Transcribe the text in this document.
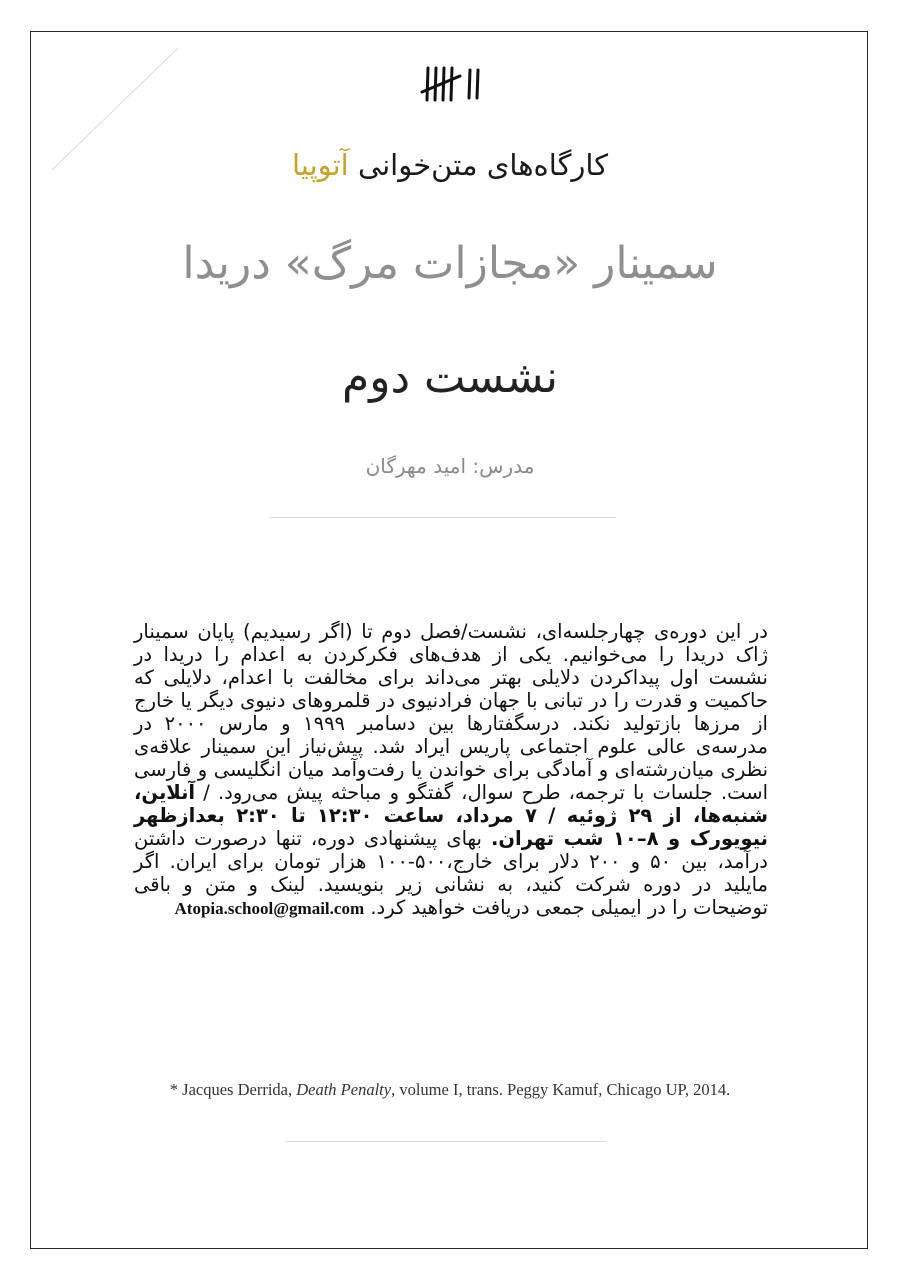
کارگاه‌های متن‌خوانی آتوپیا
سمینار «مجازات مرگ» دریدا
نشست دوم
مدرس: امید مهرگان
در این دوره‌ی چهارجلسه‌ای، نشست/فصل دوم تا (اگر رسیدیم) پایان سمینار ژاک دریدا را می‌خوانیم. یکی از هدف‌های فکرکردن به اعدام را دریدا در نشست اول پیداکردن دلایلی بهتر می‌داند برای مخالفت با اعدام، دلایلی که حاکمیت و قدرت را در تبانی با جهان فرادنیوی در قلمروهای دنیوی دیگر یا خارج از مرزها بازتولید نکند. درسگفتارها بین دسامبر ۱۹۹۹ و مارس ۲۰۰۰ در مدرسه‌ی عالی علوم اجتماعی پاریس ایراد شد. پیش‌نیاز این سمینار علاقه‌ی نظری میان‌رشته‌ای و آمادگی برای خواندن یا رفت‌وآمد میان انگلیسی و فارسی است. جلسات با ترجمه، طرح سوال، گفتگو و مباحثه پیش می‌رود. / آنلاین، شنبه‌ها، از ۲۹ ژوئیه / ۷ مرداد، ساعت ۱۲:۳۰ تا ۲:۳۰ بعدازظهر نیویورک و ۸–۱۰ شب تهران. بهای پیشنهادی دوره، تنها درصورت داشتن درآمد، بین ۵۰ و ۲۰۰ دلار برای خارج،۵۰۰-۱۰۰ هزار تومان برای ایران. اگر مایلید در دوره شرکت کنید، به نشانی زیر بنویسید. لینک و متن و باقی توضیحات را در ایمیلی جمعی دریافت خواهید کرد. Atopia.school@gmail.com
* Jacques Derrida, Death Penalty, volume I, trans. Peggy Kamuf, Chicago UP, 2014.
